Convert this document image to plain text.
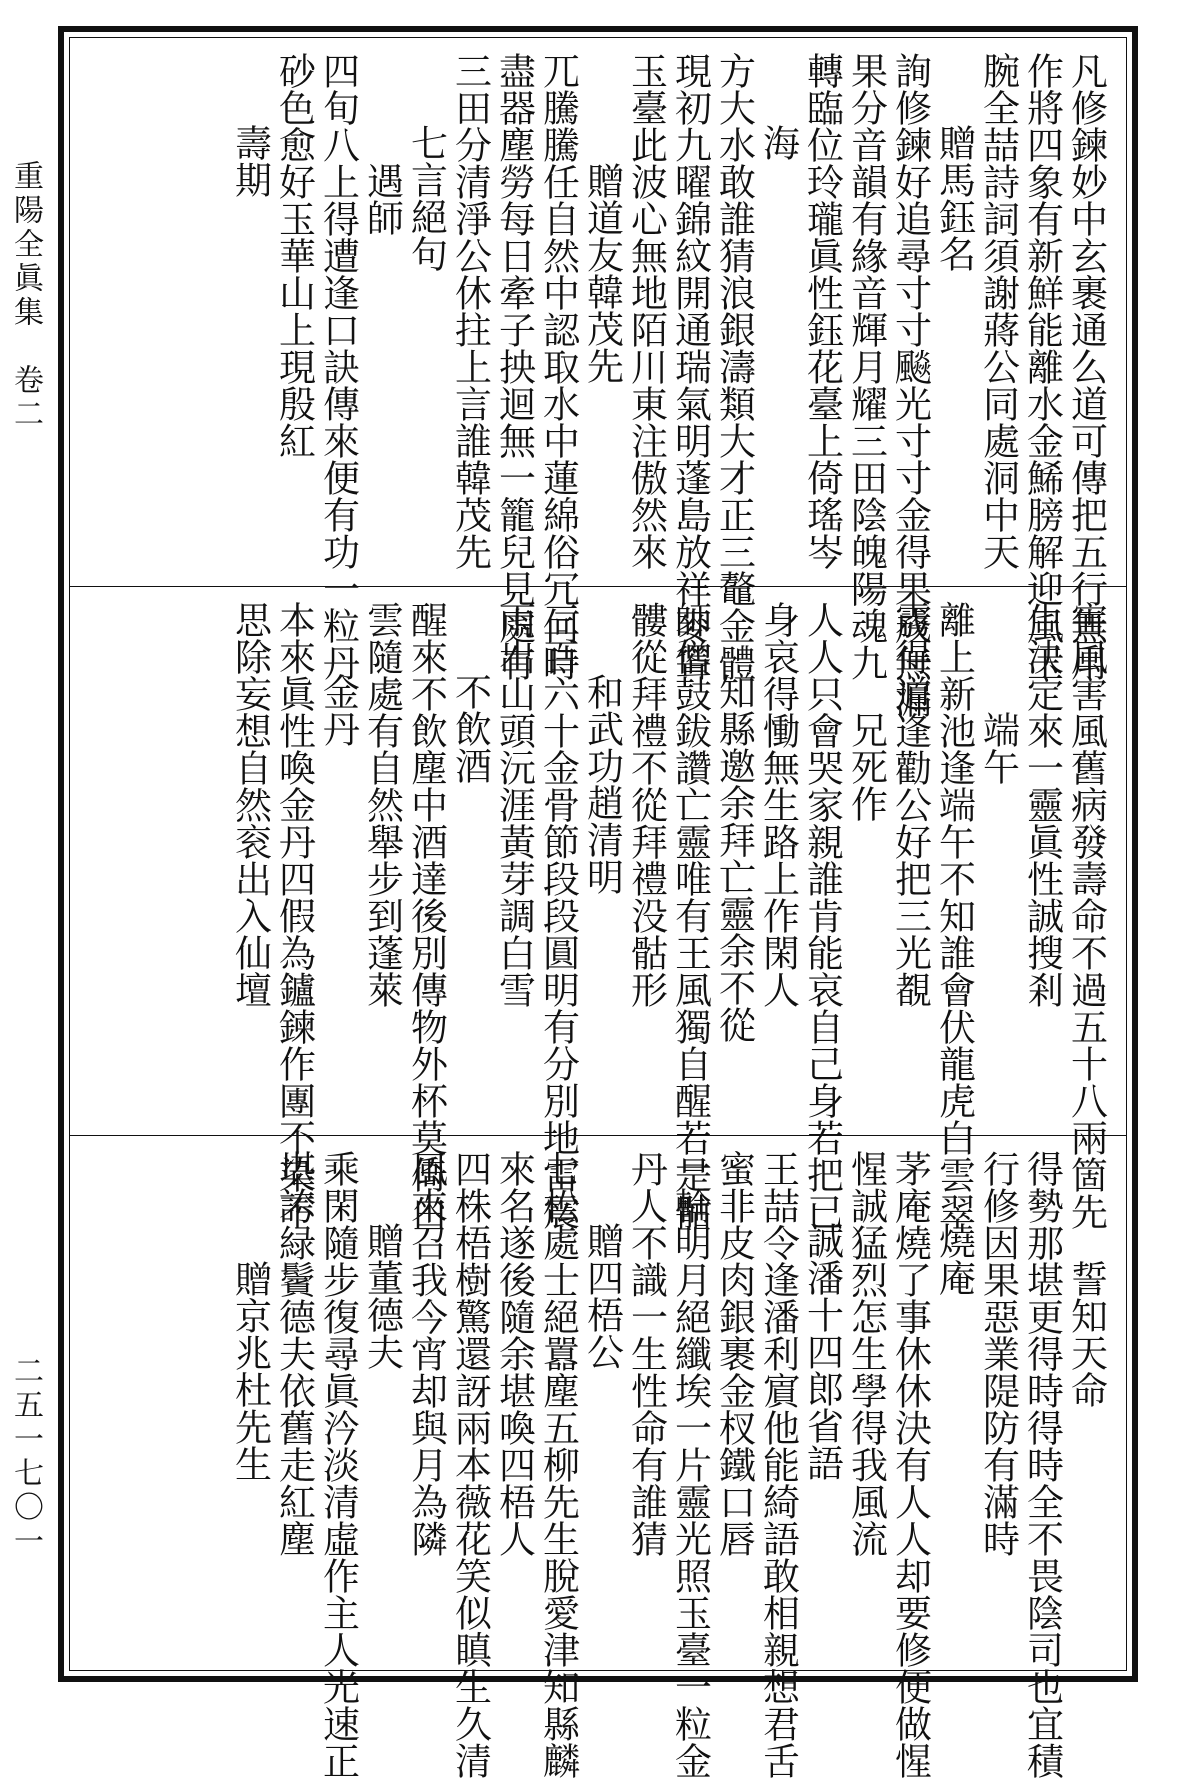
重陽全眞集　卷二
二五一七〇一
凡修鍊妙中玄裹通么道可傳把五行無用
作將四象有新鮮能離水金鯑膀解迎風玉
腕全喆詩詞須謝蔣公同處洞中天
贈馬鈺名
詢修鍊好追尋寸寸飈光寸寸金得果成無漏
果分音韻有緣音輝月耀三田陰魄陽魂九
轉臨位玲瓏眞性鈺花臺上倚瑤岑
海
方大水敢誰猜浪銀濤類大才正三鼇金體
現初九曜錦紋開通瑞氣明蓬島放祥麥聳
玉臺此波心無地陌川東注傲然來
贈道友韓茂先
兀騰騰任自然中認取水中蓮綿俗冗何時
盡器塵勞每日牽子抰迴無一籠兒見處有
三田分清淨公休拄上言誰韓茂先
七言絕句
遇師
四旬八上得遭逢口訣傳來便有功一粒丹
砂色愈好玉華山上現殷紅
壽期
害風害風舊病發壽命不過五十八兩箇先
生決定來一靈眞性誠搜剎
端午
離上新池逢端午不知誰會伏龍虎白雲翠
霧得道逢勸公好把三光覩
兄死作
人人只會哭家親誰肯能哀自己身若把已
身哀得慟無生路上作閑人
知縣邀余拜亡靈余不從
師僧鼓鈸讚亡靈唯有王風獨自醒若是骷
髏從拜禮不從拜禮没骷形
和武功趙清明
三百六十金骨節段段圓明有分別地雷震
雨出山頭沅涯黃芽調白雪
不飲酒
醒來不飲塵中酒達後別傳物外杯莫倚白
雲隨處有自然舉步到蓬萊
金丹
本來眞性喚金丹四假為鑪鍊作團不染不
思除妄想自然衮出入仙壇
誓知天命
得勢那堪更得時得時全不畏陰司也宜積
行修因果惡業隄防有滿時
燒庵
茅庵燒了事休休決有人人却要修便做惺
惺誠猛烈怎生學得我風流
誠潘十四郎省語
王喆令逢潘利賔他能綺語敢相親想君舌
蜜非皮肉銀裹金杈鐵口唇
一輪明月絕纖埃一片靈光照玉臺一粒金
丹人不識一生性命有誰猜
贈四梧公
七松處士絕囂塵五柳先生脫愛津知縣麟
來名遂後隨余堪喚四梧人
四株梧樹驚還訝兩本薇花笑似瞋生久清
風來召我今宵却與月為隣
贈董德夫
乘閑隨步復尋眞汵淡清虛作主人光速正
堪誇緑鬢德夫依舊走紅塵
贈京兆杜先生
